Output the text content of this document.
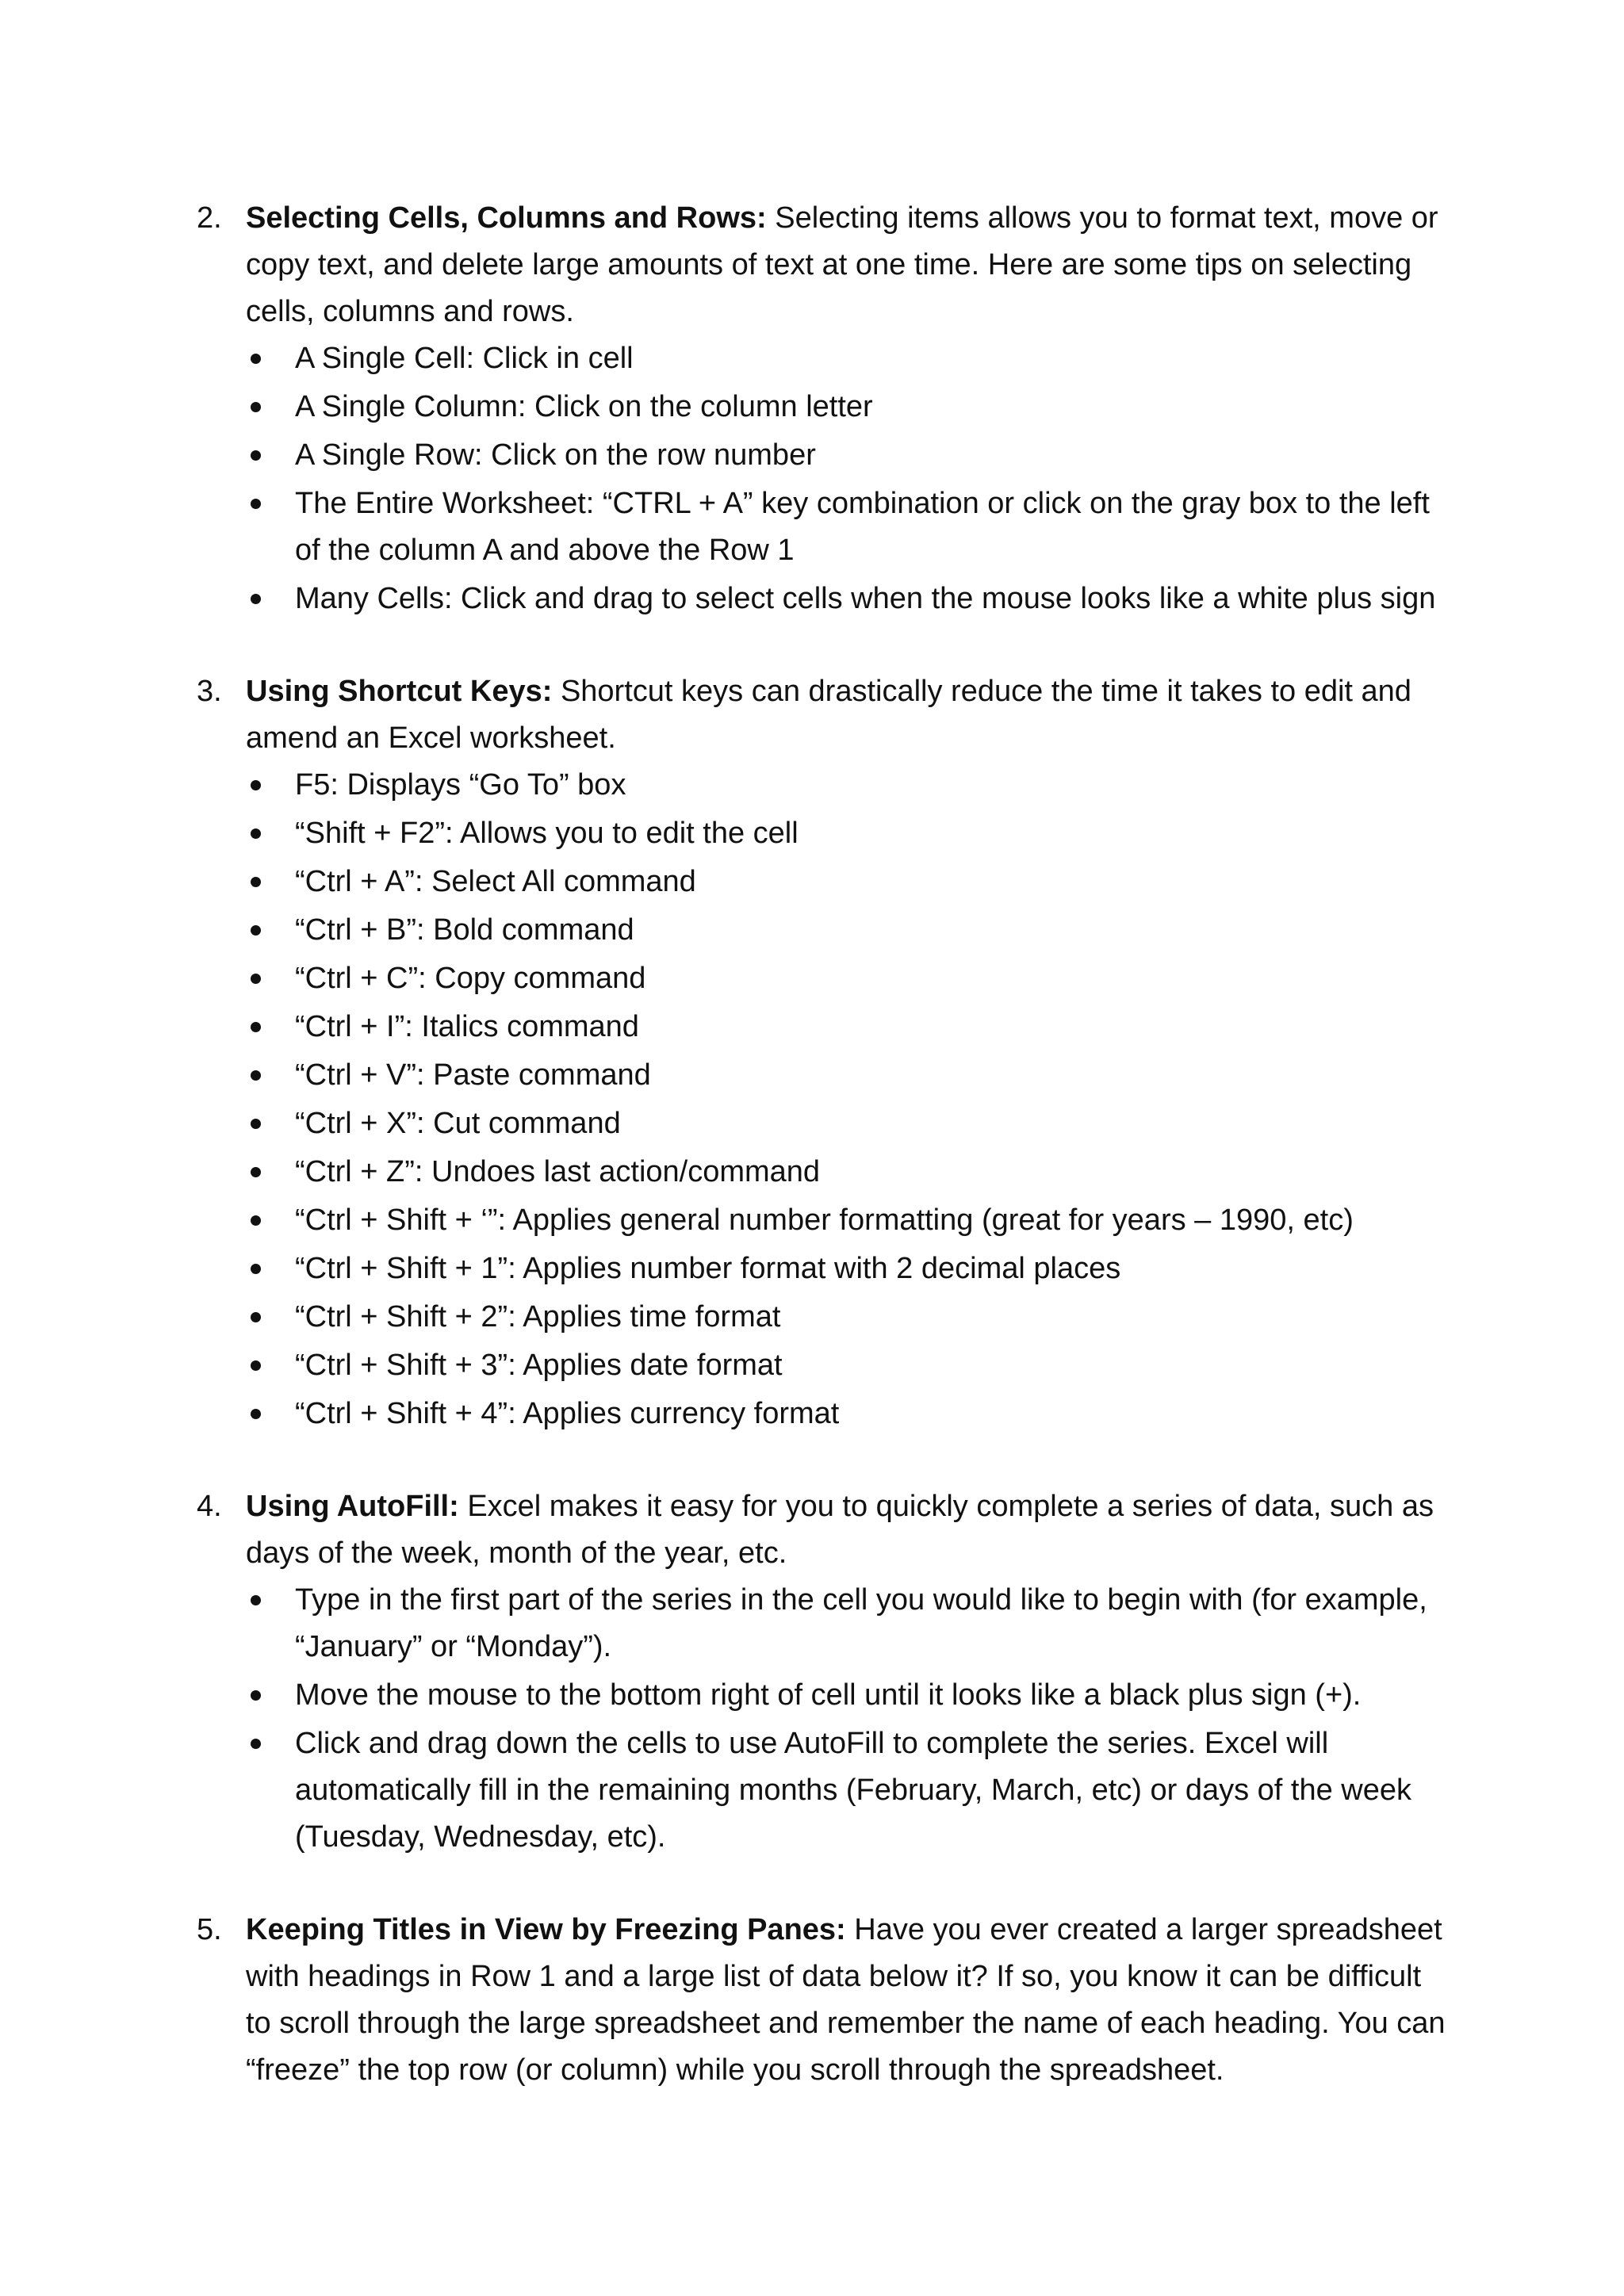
2. Selecting Cells, Columns and Rows: Selecting items allows you to format text, move or copy text, and delete large amounts of text at one time. Here are some tips on selecting cells, columns and rows.
A Single Cell: Click in cell
A Single Column: Click on the column letter
A Single Row: Click on the row number
The Entire Worksheet: “CTRL + A” key combination or click on the gray box to the left of the column A and above the Row 1
Many Cells: Click and drag to select cells when the mouse looks like a white plus sign
3. Using Shortcut Keys: Shortcut keys can drastically reduce the time it takes to edit and amend an Excel worksheet.
F5: Displays “Go To” box
“Shift + F2”: Allows you to edit the cell
“Ctrl + A”: Select All command
“Ctrl + B”: Bold command
“Ctrl + C”: Copy command
“Ctrl + I”: Italics command
“Ctrl + V”: Paste command
“Ctrl + X”: Cut command
“Ctrl + Z”: Undoes last action/command
“Ctrl + Shift + ‘”: Applies general number formatting (great for years – 1990, etc)
“Ctrl + Shift + 1”: Applies number format with 2 decimal places
“Ctrl + Shift + 2”: Applies time format
“Ctrl + Shift + 3”: Applies date format
“Ctrl + Shift + 4”: Applies currency format
4. Using AutoFill: Excel makes it easy for you to quickly complete a series of data, such as days of the week, month of the year, etc.
Type in the first part of the series in the cell you would like to begin with (for example, “January” or “Monday”).
Move the mouse to the bottom right of cell until it looks like a black plus sign (+).
Click and drag down the cells to use AutoFill to complete the series. Excel will automatically fill in the remaining months (February, March, etc) or days of the week (Tuesday, Wednesday, etc).
5. Keeping Titles in View by Freezing Panes: Have you ever created a larger spreadsheet with headings in Row 1 and a large list of data below it? If so, you know it can be difficult to scroll through the large spreadsheet and remember the name of each heading. You can “freeze” the top row (or column) while you scroll through the spreadsheet.
